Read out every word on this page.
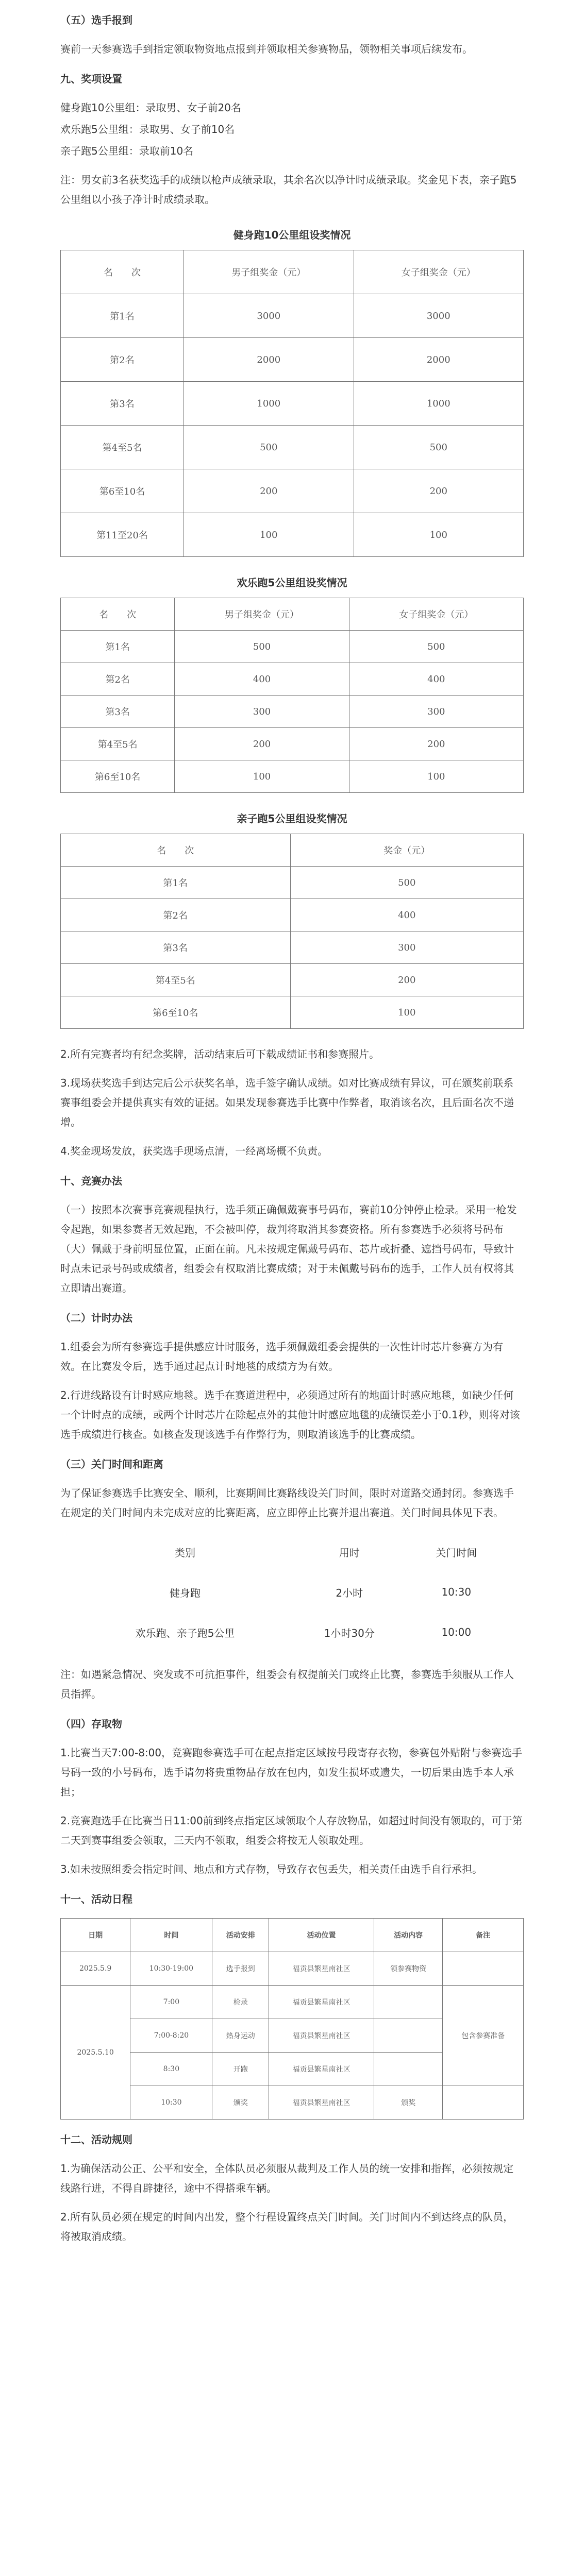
（五）选手报到

赛前一天参赛选手到指定领取物资地点报到并领取相关参赛物品，领物相关事项后续发布。

九、奖项设置

健身跑10公里组：录取男、女子前20名

欢乐跑5公里组：录取男、女子前10名

亲子跑5公里组：录取前10名

注：男女前3名获奖选手的成绩以枪声成绩录取，其余名次以净计时成绩录取。奖金见下表，亲子跑5公里组以小孩子净计时成绩录取。

健身跑10公里组设奖情况
名　　次	男子组奖金（元）	女子组奖金（元）
第1名	3000	3000
第2名	2000	2000
第3名	1000	1000
第4至5名	500	500
第6至10名	200	200
第11至20名	100	100
欢乐跑5公里组设奖情况
名　　次	男子组奖金（元）	女子组奖金（元）
第1名	500	500
第2名	400	400
第3名	300	300
第4至5名	200	200
第6至10名	100	100
亲子跑5公里组设奖情况
名　　次	奖金（元）
第1名	500
第2名	400
第3名	300
第4至5名	200
第6至10名	100

2.所有完赛者均有纪念奖牌，活动结束后可下载成绩证书和参赛照片。

3.现场获奖选手到达完后公示获奖名单，选手签字确认成绩。如对比赛成绩有异议，可在颁奖前联系赛事组委会并提供真实有效的证据。如果发现参赛选手比赛中作弊者，取消该名次，且后面名次不递增。

4.奖金现场发放，获奖选手现场点清，一经离场概不负责。

十、竞赛办法

（一）按照本次赛事竞赛规程执行，选手须正确佩戴赛事号码布，赛前10分钟停止检录。采用一枪发令起跑，如果参赛者无效起跑，不会被叫停，裁判将取消其参赛资格。所有参赛选手必须将号码布（大）佩戴于身前明显位置，正面在前。凡未按规定佩戴号码布、芯片或折叠、遮挡号码布，导致计时点未记录号码或成绩者，组委会有权取消比赛成绩；对于未佩戴号码布的选手，工作人员有权将其立即请出赛道。

（二）计时办法

1.组委会为所有参赛选手提供感应计时服务，选手须佩戴组委会提供的一次性计时芯片参赛方为有效。在比赛发令后，选手通过起点计时地毯的成绩方为有效。

2.行进线路设有计时感应地毯。选手在赛道进程中，必须通过所有的地面计时感应地毯，如缺少任何一个计时点的成绩，或两个计时芯片在除起点外的其他计时感应地毯的成绩误差小于0.1秒，则将对该选手成绩进行核查。如核查发现该选手有作弊行为，则取消该选手的比赛成绩。

（三）关门时间和距离

为了保证参赛选手比赛安全、顺利，比赛期间比赛路线设关门时间，限时对道路交通封闭。参赛选手在规定的关门时间内未完成对应的比赛距离，应立即停止比赛并退出赛道。关门时间具体见下表。

类别	用时	关门时间
健身跑	2小时	10:30
欢乐跑、亲子跑5公里	1小时30分	10:00

注：如遇紧急情况、突发或不可抗拒事件，组委会有权提前关门或终止比赛，参赛选手须服从工作人员指挥。

（四）存取物

1.比赛当天7:00-8:00，竞赛跑参赛选手可在起点指定区域按号段寄存衣物，参赛包外贴附与参赛选手号码一致的小号码布，选手请勿将贵重物品存放在包内，如发生损坏或遗失，一切后果由选手本人承担；

2.竞赛跑选手在比赛当日11:00前到终点指定区域领取个人存放物品，如超过时间没有领取的，可于第二天到赛事组委会领取，三天内不领取，组委会将按无人领取处理。

3.如未按照组委会指定时间、地点和方式存物，导致存衣包丢失，相关责任由选手自行承担。

十一、活动日程

日期	时间	活动安排	活动位置	活动内容	备注
2025.5.9	10:30-19:00	选手报到	福贡县繁星南社区	领参赛物资	
2025.5.10	7:00	检录	福贡县繁星南社区		包含参赛准备
	7:00-8:20	热身运动	福贡县繁星南社区		
	8:30	开跑	福贡县繁星南社区		
	10:30	颁奖	福贡县繁星南社区	颁奖	

十二、活动规则

1.为确保活动公正、公平和安全，全体队员必须服从裁判及工作人员的统一安排和指挥，必须按规定线路行进，不得自辟捷径，途中不得搭乘车辆。

2.所有队员必须在规定的时间内出发，整个行程设置终点关门时间。关门时间内不到达终点的队员，将被取消成绩。
